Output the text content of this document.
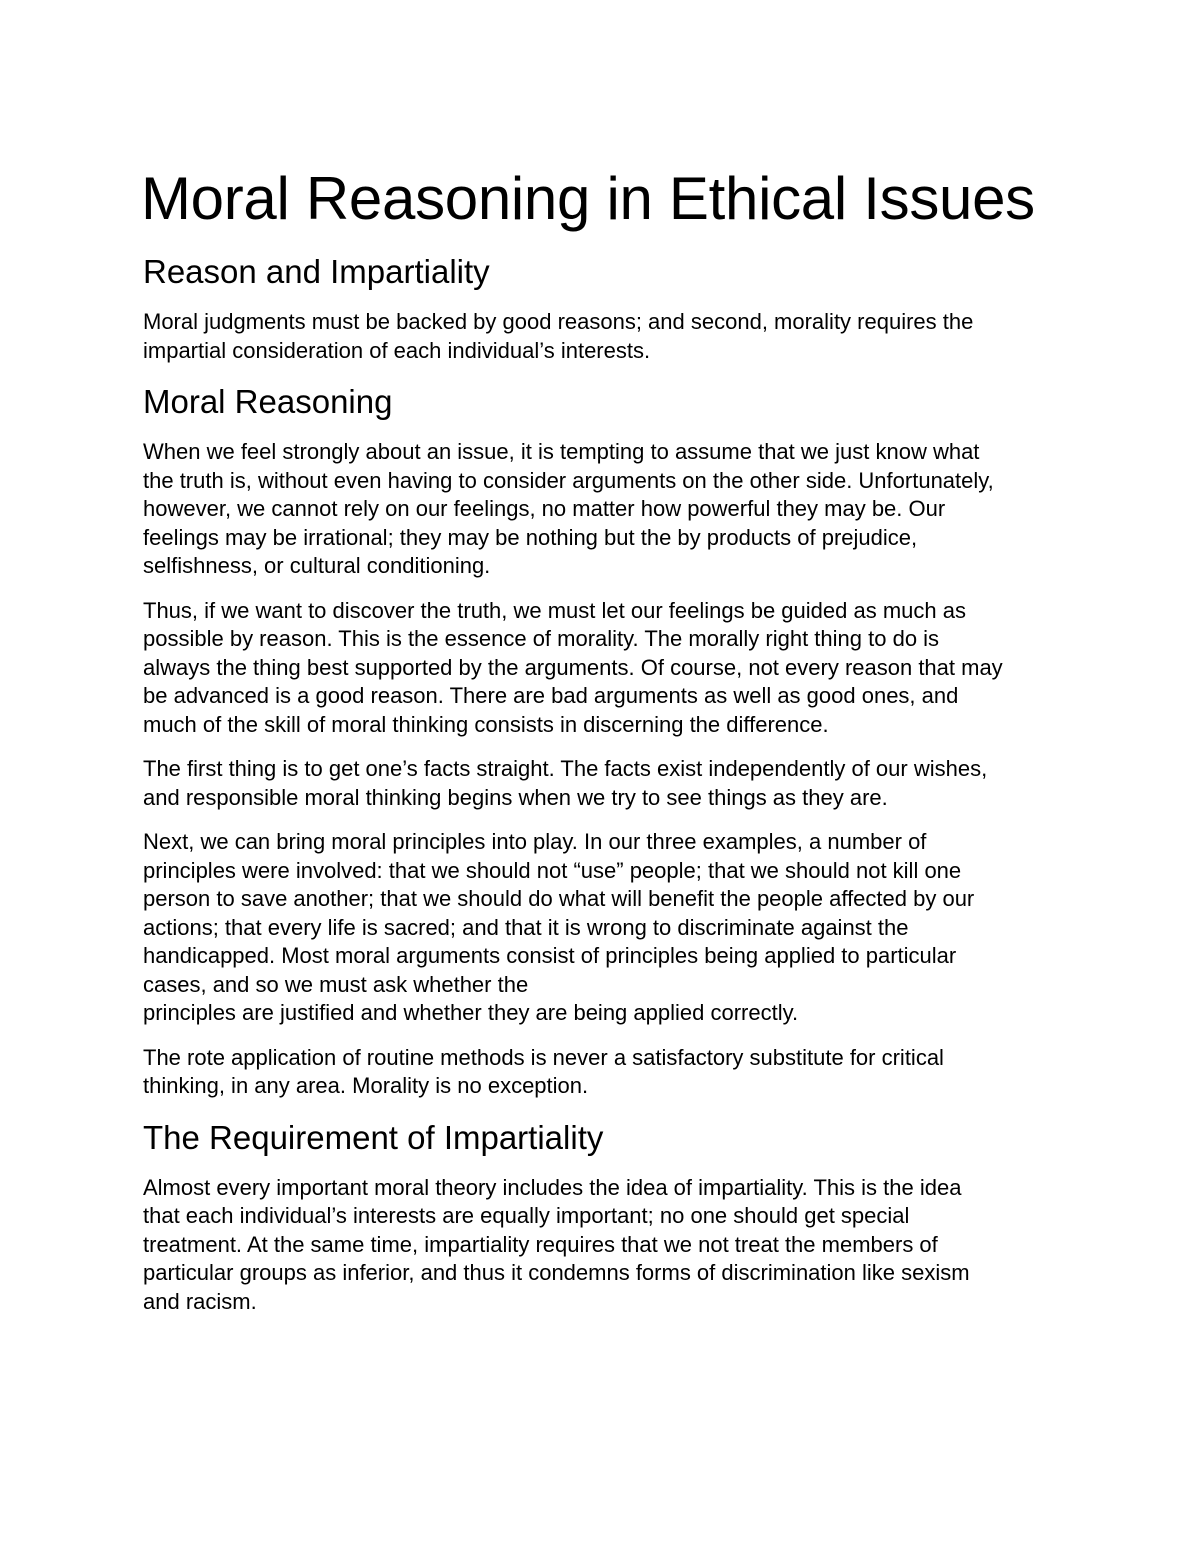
Moral Reasoning in Ethical Issues
Reason and Impartiality

Moral judgments must be backed by good reasons; and second, morality requires the
impartial consideration of each individual’s interests.

Moral Reasoning

When we feel strongly about an issue, it is tempting to assume that we just know what
the truth is, without even having to consider arguments on the other side. Unfortunately,
however, we cannot rely on our feelings, no matter how powerful they may be. Our
feelings may be irrational; they may be nothing but the by products of prejudice,
selfishness, or cultural conditioning.

Thus, if we want to discover the truth, we must let our feelings be guided as much as
possible by reason. This is the essence of morality. The morally right thing to do is
always the thing best supported by the arguments. Of course, not every reason that may
be advanced is a good reason. There are bad arguments as well as good ones, and
much of the skill of moral thinking consists in discerning the difference.

The first thing is to get one’s facts straight. The facts exist independently of our wishes,
and responsible moral thinking begins when we try to see things as they are.

Next, we can bring moral principles into play. In our three examples, a number of
principles were involved: that we should not “use” people; that we should not kill one
person to save another; that we should do what will benefit the people affected by our
actions; that every life is sacred; and that it is wrong to discriminate against the
handicapped. Most moral arguments consist of principles being applied to particular
cases, and so we must ask whether the
principles are justified and whether they are being applied correctly.

The rote application of routine methods is never a satisfactory substitute for critical
thinking, in any area. Morality is no exception.

The Requirement of Impartiality

Almost every important moral theory includes the idea of impartiality. This is the idea
that each individual’s interests are equally important; no one should get special
treatment. At the same time, impartiality requires that we not treat the members of
particular groups as inferior, and thus it condemns forms of discrimination like sexism
and racism.
